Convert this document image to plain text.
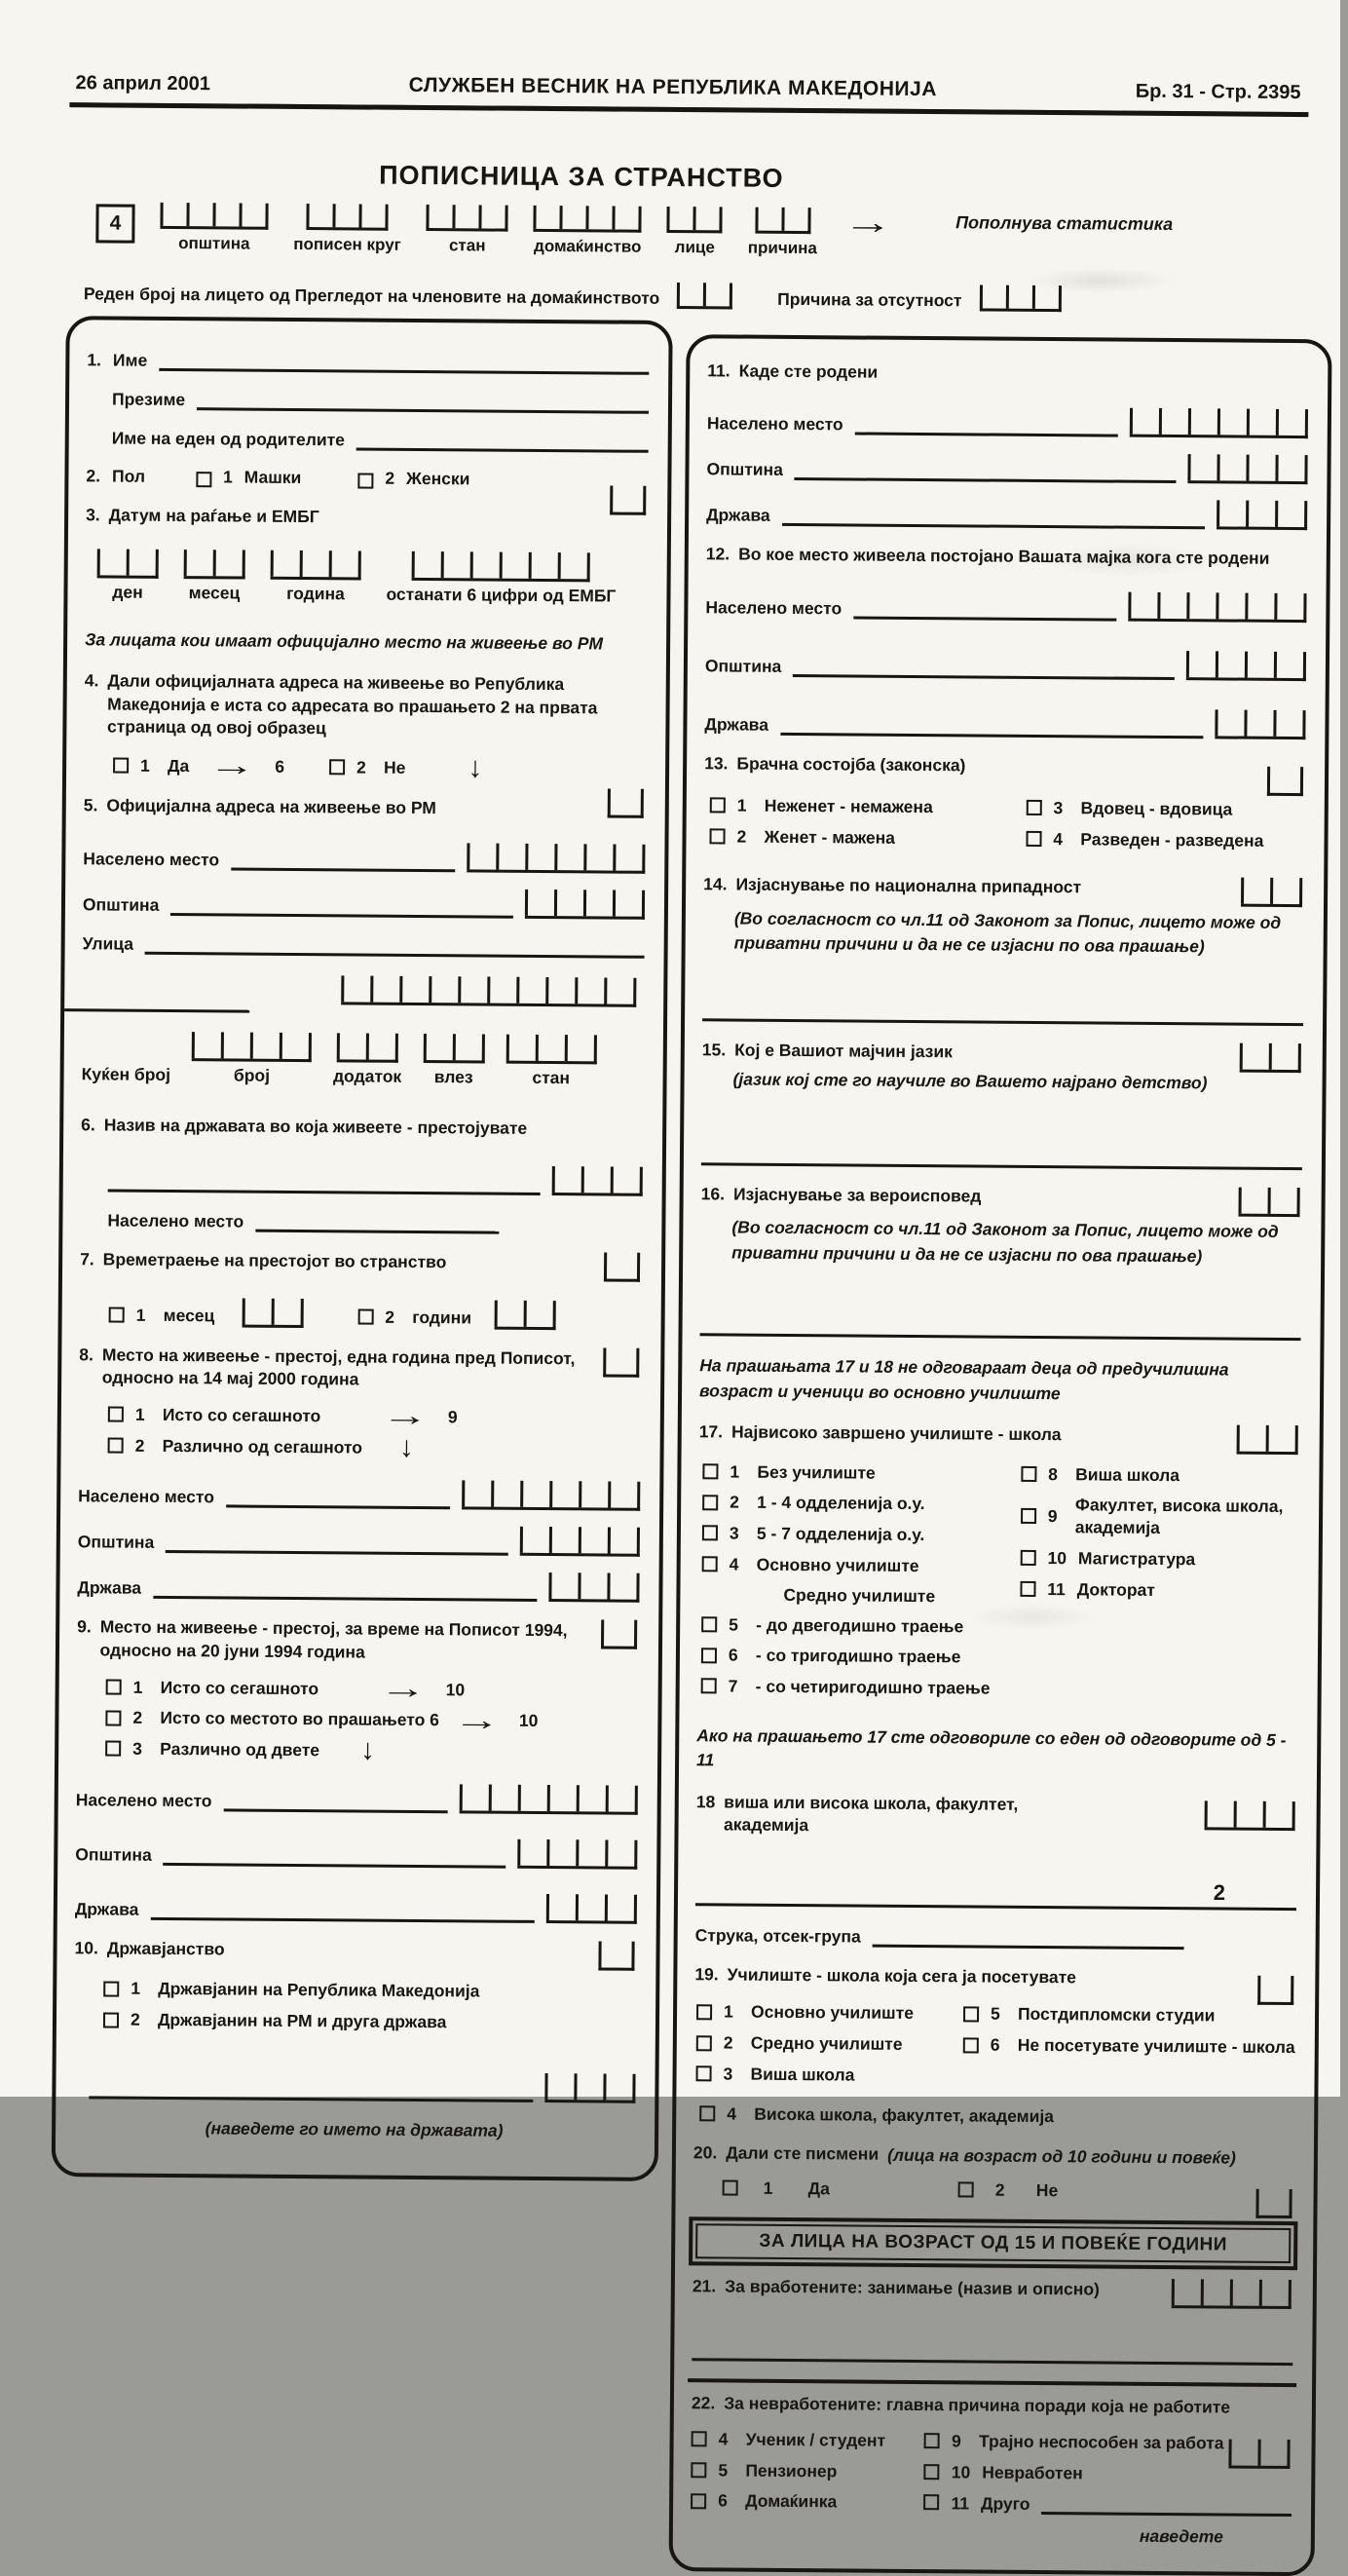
26 април 2001	СЛУЖБЕН ВЕСНИК НА РЕПУБЛИКА МАКЕДОНИЈА	Бр. 31 - Стр. 2395
ПОПИСНИЦА ЗА СТРАНСТВО
4
општина	пописен круг	стан	домаќинство лице причина
→	Пополнува статистика
Реден број на лицето од Прегледот на членовите на домаќинството	Причина за отсутност
1. Име
Презиме
Име на еден од родителите
2. Пол	1 Машки	2 Женски
3. Датум на раѓање и ЕМБГ
ден	месец	година останати 6 цифри од ЕМБГ
За лицата кои имаат официјално место на живеење во РМ
4. Дали официјалната адреса на живеење во Република Македонија е иста со адресата во прашањето 2 на првата страница од овој образец
1	Да → 6	2	Не ↓
5. Официјална адреса на живеење во РМ
Населено место
Општина
Улица
Куќен број	број	додаток влез	стан
6. Назив на државата во која живеете - престојувате
Населено место
7. Времетраење на престојот во странство
1	месец	2	години
8. Место на живеење - престој, една година пред Пописот, односно на 14 мај 2000 година
1	Исто со сегашното	→ 9
2	Различно од сегашното ↓
Населено место
Општина
Држава
9. Место на живеење - престој, за време на Пописот 1994, односно на 20 јуни 1994 година
1	Исто со сегашното	→ 10
2	Исто со местото во прашањето 6 → 10
3	Различно од двете ↓
Населено место
Општина
Држава
10. Државјанство
1	Државјанин на Република Македонија
2	Државјанин на РМ и друга држава
(наведете го името на државата)
11. Каде сте родени
Населено место
Општина
Држава
12. Во кое место живеела постојано Вашата мајка кога сте родени
Населено место
Општина
Држава
13. Брачна состојба (законска)
1	Неженет - немажена
2	Женет - мажена
3	Вдовец - вдовица
4	Разведен - разведена
14. Изјаснување по национална припадност
(Во согласност со чл.11 од Законот за Попис, лицето може од приватни причини и да не се изјасни по ова прашање)
15. Кој е Вашиот мајчин јазик
(јазик кој сте го научиле во Вашето најрано детство)
16. Изјаснување за вероисповед
(Во согласност со чл.11 од Законот за Попис, лицето може од приватни причини и да не се изјасни по ова прашање)
На прашањата 17 и 18 не одговараат деца од предучилишна возраст и ученици во основно училиште
17. Највисоко завршено училиште - школа
1	Без училиште
2	1 - 4 одделенија о.у.
3	5 - 7 одделенија о.у.
4	Основно училиште
Средно училиште
5	- до двегодишно траење
6	- со тригодишно траење
7	- со четиригодишно траење
8	Виша школа
9	Факултет, висока школа, академија
10 Магистратура
11 Докторат
Ако на прашањето 17 сте одговориле со еден од одговорите од 5 - 11
18 виша или висока школа, факултет, академија
Струка, отсек-група
19. Училиште - школа која сега ја посетувате
1	Основно училиште
2	Средно училиште
3	Виша школа
5	Постдипломски студии
6	Не посетувате училиште - школа
4	Висока школа, факултет, академија
20. Дали сте писмени (лица на возраст од 10 години и повеќе)
1	Да	2	Не
ЗА ЛИЦА НА ВОЗРАСТ ОД 15 И ПОВЕЌЕ ГОДИНИ
21. За вработените: занимање (назив и описно)
22. За невработените: главна причина поради која не работите
4	Ученик / студент
5	Пензионер
6	Домаќинка
9	Трајно неспособен за работа
10 Невработен
11 Друго
наведете
2
